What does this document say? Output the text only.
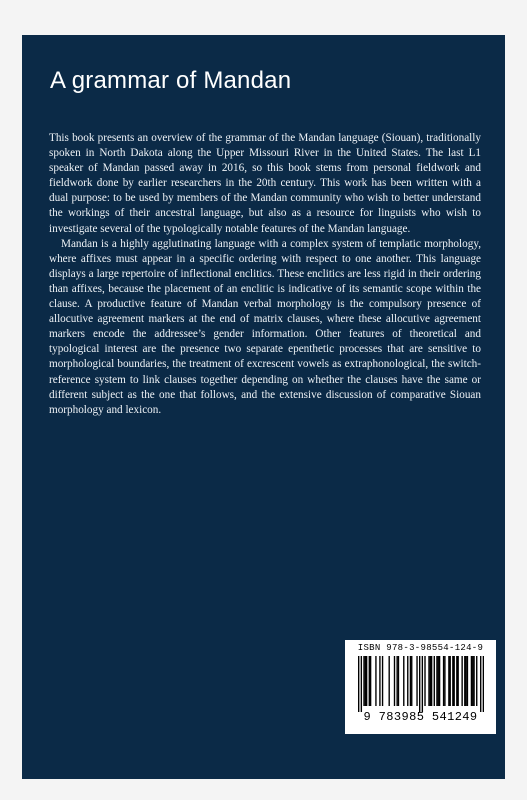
A grammar of Mandan

This book presents an overview of the grammar of the Mandan language (Siouan), traditionally spoken in North Dakota along the Upper Missouri River in the United States. The last L1 speaker of Mandan passed away in 2016, so this book stems from personal fieldwork and fieldwork done by earlier researchers in the 20th century. This work has been written with a dual purpose: to be used by members of the Mandan community who wish to better understand the workings of their ancestral language, but also as a resource for linguists who wish to investigate several of the typologically notable features of the Mandan language.

Mandan is a highly agglutinating language with a complex system of templatic morphology, where affixes must appear in a specific ordering with respect to one another. This language displays a large repertoire of inflectional enclitics. These enclitics are less rigid in their ordering than affixes, because the placement of an enclitic is indicative of its semantic scope within the clause. A productive feature of Mandan verbal morphology is the compulsory presence of allocutive agreement markers at the end of matrix clauses, where these allocutive agreement markers encode the addressee’s gender information. Other features of theoretical and typological interest are the presence two separate epenthetic processes that are sensitive to morphological boundaries, the treatment of excrescent vowels as extraphonological, the switch-reference system to link clauses together depending on whether the clauses have the same or different subject as the one that follows, and the extensive discussion of comparative Siouan morphology and lexicon.

ISBN 978-3-98554-124-9
9 783985 541249
